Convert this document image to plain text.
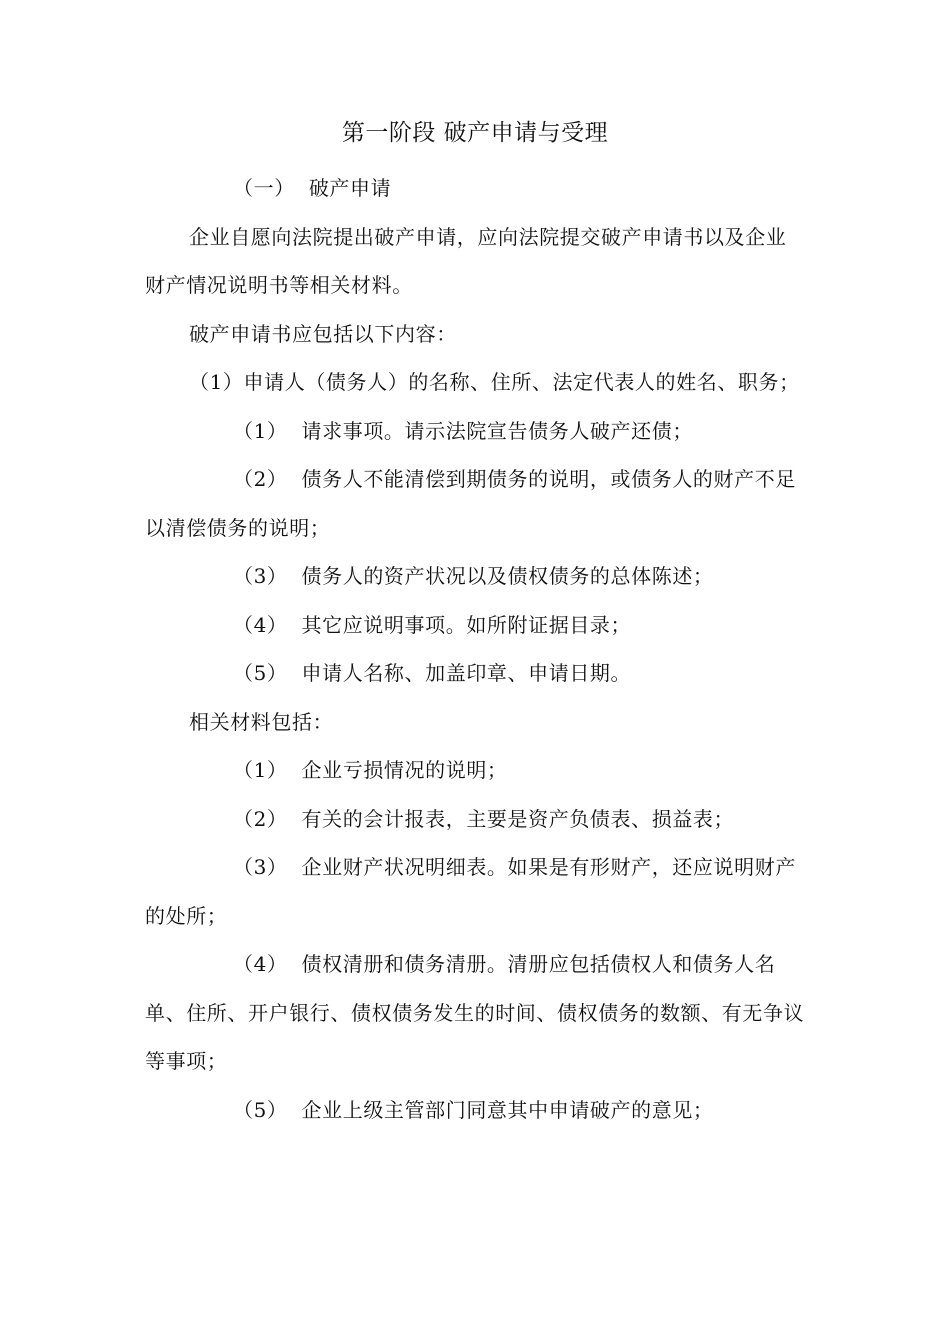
第一阶段 破产申请与受理

（一） 破产申请

企业自愿向法院提出破产申请，应向法院提交破产申请书以及企业财产情况说明书等相关材料。

破产申请书应包括以下内容：

（1）申请人（债务人）的名称、住所、法定代表人的姓名、职务；

（1） 请求事项。请示法院宣告债务人破产还债；

（2） 债务人不能清偿到期债务的说明，或债务人的财产不足以清偿债务的说明；

（3） 债务人的资产状况以及债权债务的总体陈述；

（4） 其它应说明事项。如所附证据目录；

（5） 申请人名称、加盖印章、申请日期。

相关材料包括：

（1） 企业亏损情况的说明；

（2） 有关的会计报表，主要是资产负债表、损益表；

（3） 企业财产状况明细表。如果是有形财产，还应说明财产的处所；

（4） 债权清册和债务清册。清册应包括债权人和债务人名单、住所、开户银行、债权债务发生的时间、债权债务的数额、有无争议等事项；

（5） 企业上级主管部门同意其中申请破产的意见；
